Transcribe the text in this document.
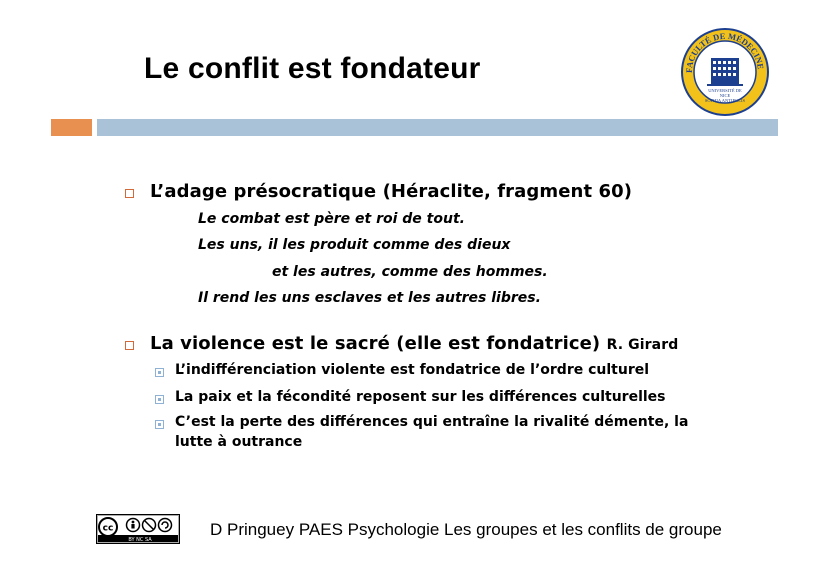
Le conflit est fondateur	FACULTÉ DE MÉDECINE
UNIVERSITÉ DE
NICE
SOPHIA ANTIPOLIS
L’adage présocratique (Héraclite, fragment 60)
Le combat est père et roi de tout.
Les uns, il les produit comme des dieux
et les autres, comme des hommes.
Il rend les uns esclaves et les autres libres.
La violence est le sacré (elle est fondatrice) R. Girard
L’indifférenciation violente est fondatrice de l’ordre culturel
La paix et la fécondité reposent sur les différences culturelles
C’est la perte des différences qui entraîne la rivalité démente, la
lutte à outrance
cc
BY NC SA
D Pringuey PAES Psychologie Les groupes et les conflits de groupe
